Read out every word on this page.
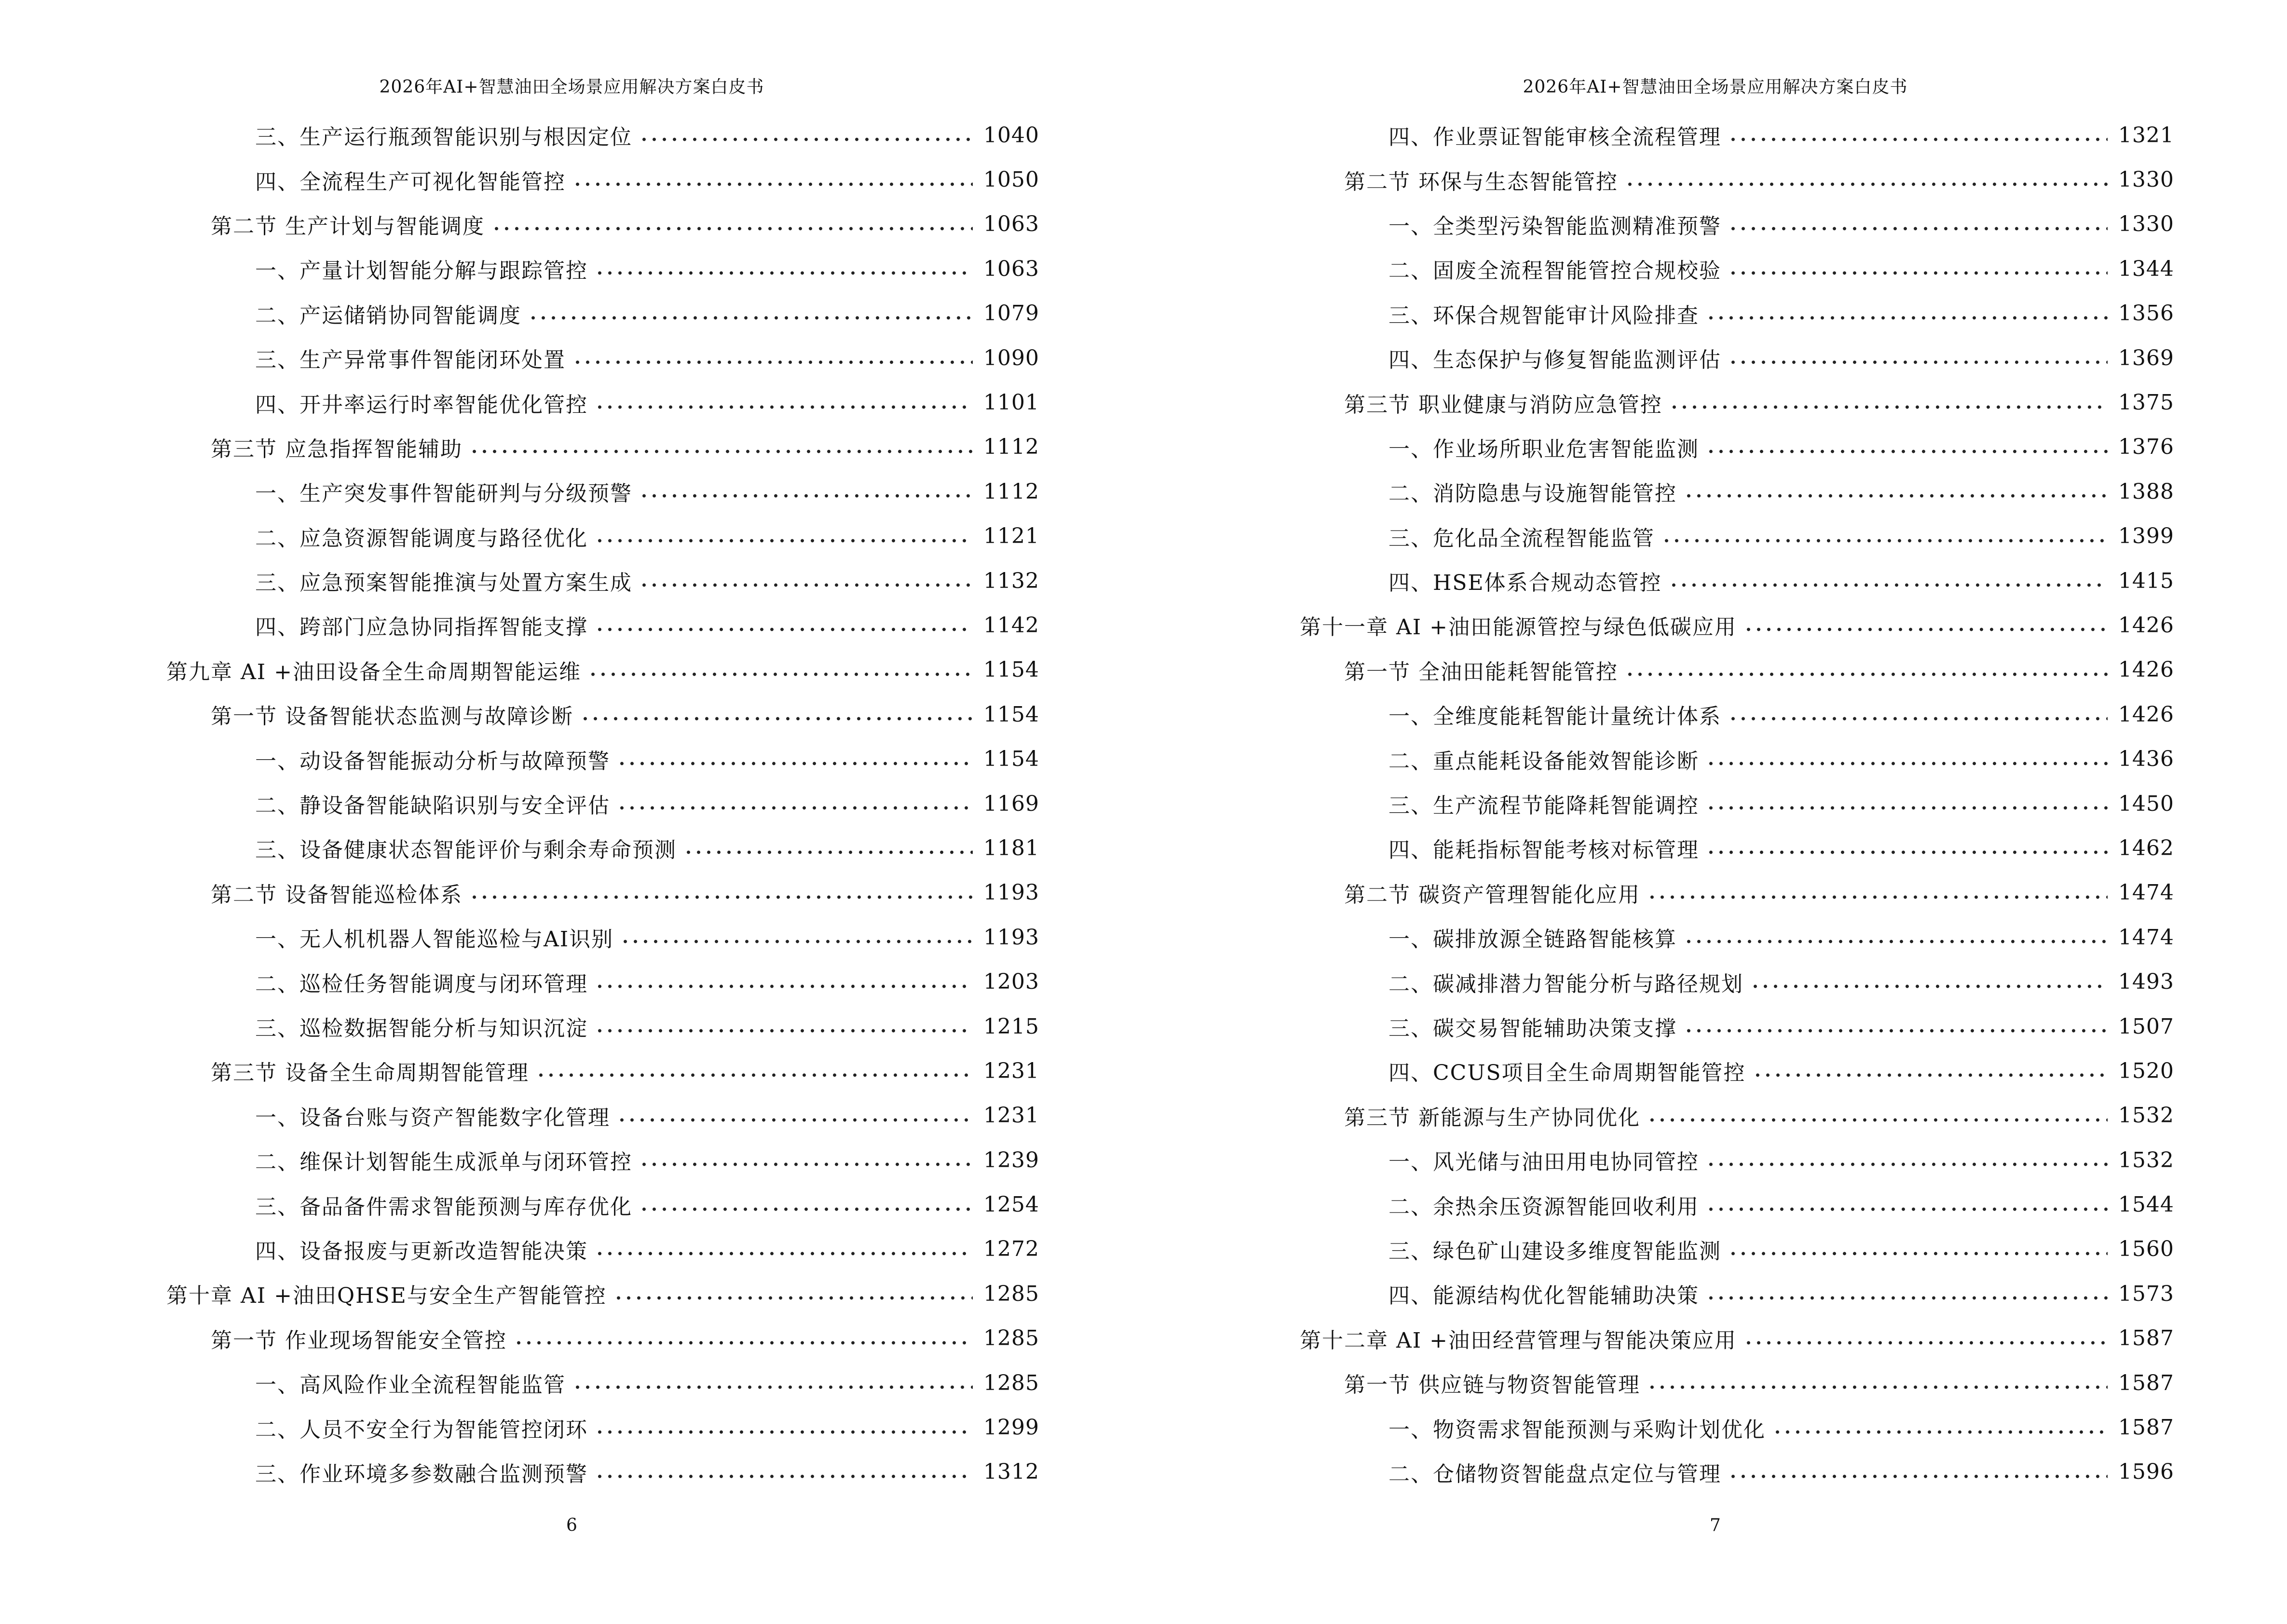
2026年AI+智慧油田全场景应用解决方案白皮书
三、生产运行瓶颈智能识别与根因定位	1040
四、全流程生产可视化智能管控	1050
第二节 生产计划与智能调度	1063
一、产量计划智能分解与跟踪管控	1063
二、产运储销协同智能调度	1079
三、生产异常事件智能闭环处置	1090
四、开井率运行时率智能优化管控	1101
第三节 应急指挥智能辅助	1112
一、生产突发事件智能研判与分级预警	1112
二、应急资源智能调度与路径优化	1121
三、应急预案智能推演与处置方案生成	1132
四、跨部门应急协同指挥智能支撑	1142
第九章 AI +油田设备全生命周期智能运维	1154
第一节 设备智能状态监测与故障诊断	1154
一、动设备智能振动分析与故障预警	1154
二、静设备智能缺陷识别与安全评估	1169
三、设备健康状态智能评价与剩余寿命预测	1181
第二节 设备智能巡检体系	1193
一、无人机机器人智能巡检与AI识别	1193
二、巡检任务智能调度与闭环管理	1203
三、巡检数据智能分析与知识沉淀	1215
第三节 设备全生命周期智能管理	1231
一、设备台账与资产智能数字化管理	1231
二、维保计划智能生成派单与闭环管控	1239
三、备品备件需求智能预测与库存优化	1254
四、设备报废与更新改造智能决策	1272
第十章 AI +油田QHSE与安全生产智能管控	1285
第一节 作业现场智能安全管控	1285
一、高风险作业全流程智能监管	1285
二、人员不安全行为智能管控闭环	1299
三、作业环境多参数融合监测预警	1312
6
2026年AI+智慧油田全场景应用解决方案白皮书
四、作业票证智能审核全流程管理	1321
第二节 环保与生态智能管控	1330
一、全类型污染智能监测精准预警	1330
二、固废全流程智能管控合规校验	1344
三、环保合规智能审计风险排查	1356
四、生态保护与修复智能监测评估	1369
第三节 职业健康与消防应急管控	1375
一、作业场所职业危害智能监测	1376
二、消防隐患与设施智能管控	1388
三、危化品全流程智能监管	1399
四、HSE体系合规动态管控	1415
第十一章 AI +油田能源管控与绿色低碳应用	1426
第一节 全油田能耗智能管控	1426
一、全维度能耗智能计量统计体系	1426
二、重点能耗设备能效智能诊断	1436
三、生产流程节能降耗智能调控	1450
四、能耗指标智能考核对标管理	1462
第二节 碳资产管理智能化应用	1474
一、碳排放源全链路智能核算	1474
二、碳减排潜力智能分析与路径规划	1493
三、碳交易智能辅助决策支撑	1507
四、CCUS项目全生命周期智能管控	1520
第三节 新能源与生产协同优化	1532
一、风光储与油田用电协同管控	1532
二、余热余压资源智能回收利用	1544
三、绿色矿山建设多维度智能监测	1560
四、能源结构优化智能辅助决策	1573
第十二章 AI +油田经营管理与智能决策应用	1587
第一节 供应链与物资智能管理	1587
一、物资需求智能预测与采购计划优化	1587
二、仓储物资智能盘点定位与管理	1596
7
